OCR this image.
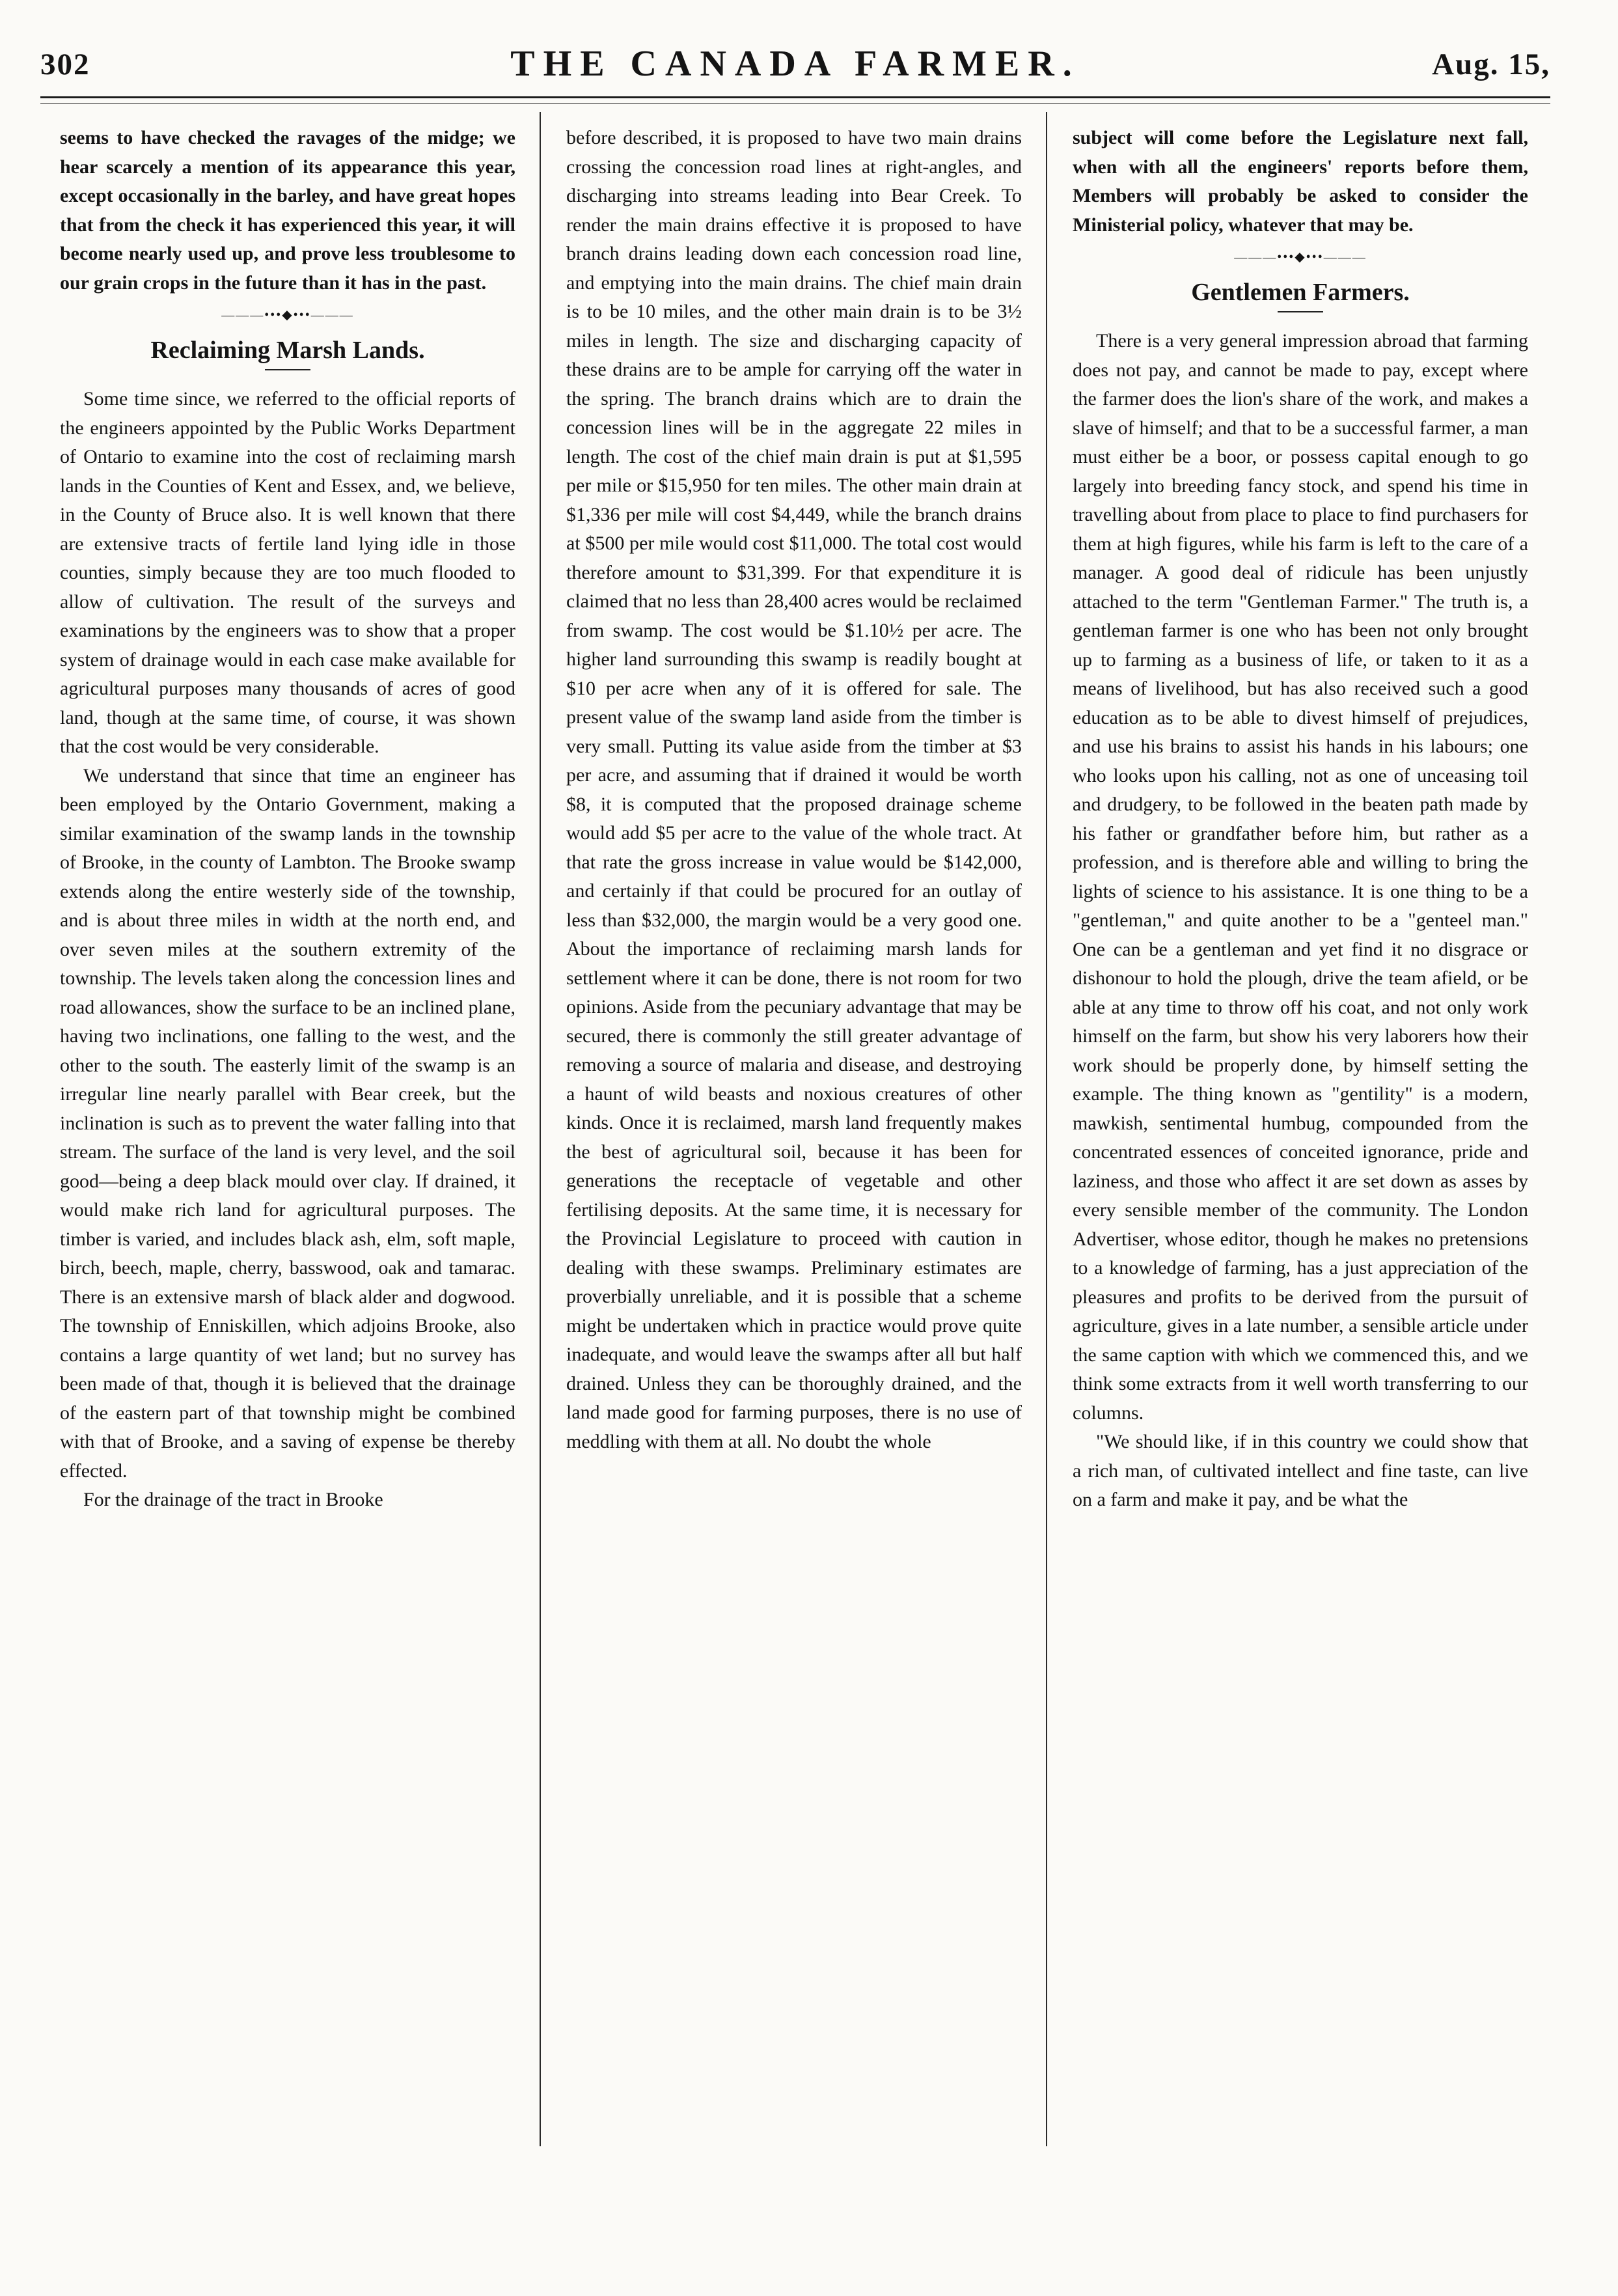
302	THE CANADA FARMER.	Aug. 15,

seems to have checked the ravages of the midge; we hear scarcely a mention of its appearance this year, except occasionally in the barley, and have great hopes that from the check it has experienced this year, it will become nearly used up, and prove less troublesome to our grain crops in the future than it has in the past.

———•••◆•••———
Reclaiming Marsh Lands.

Some time since, we referred to the official reports of the engineers appointed by the Public Works Department of Ontario to examine into the cost of reclaiming marsh lands in the Counties of Kent and Essex, and, we believe, in the County of Bruce also. It is well known that there are extensive tracts of fertile land lying idle in those counties, simply because they are too much flooded to allow of cultivation. The result of the surveys and examinations by the engineers was to show that a proper system of drainage would in each case make available for agricultural purposes many thousands of acres of good land, though at the same time, of course, it was shown that the cost would be very considerable.

We understand that since that time an engineer has been employed by the Ontario Government, making a similar examination of the swamp lands in the township of Brooke, in the county of Lambton. The Brooke swamp extends along the entire westerly side of the township, and is about three miles in width at the north end, and over seven miles at the southern extremity of the township. The levels taken along the concession lines and road allowances, show the surface to be an inclined plane, having two inclinations, one falling to the west, and the other to the south. The easterly limit of the swamp is an irregular line nearly parallel with Bear creek, but the inclination is such as to prevent the water falling into that stream. The surface of the land is very level, and the soil good—being a deep black mould over clay. If drained, it would make rich land for agricultural purposes. The timber is varied, and includes black ash, elm, soft maple, birch, beech, maple, cherry, basswood, oak and tamarac. There is an extensive marsh of black alder and dogwood. The township of Enniskillen, which adjoins Brooke, also contains a large quantity of wet land; but no survey has been made of that, though it is believed that the drainage of the eastern part of that township might be combined with that of Brooke, and a saving of expense be thereby effected.

For the drainage of the tract in Brooke

before described, it is proposed to have two main drains crossing the concession road lines at right-angles, and discharging into streams leading into Bear Creek. To render the main drains effective it is proposed to have branch drains leading down each concession road line, and emptying into the main drains. The chief main drain is to be 10 miles, and the other main drain is to be 3½ miles in length. The size and discharging capacity of these drains are to be ample for carrying off the water in the spring. The branch drains which are to drain the concession lines will be in the aggregate 22 miles in length. The cost of the chief main drain is put at $1,595 per mile or $15,950 for ten miles. The other main drain at $1,336 per mile will cost $4,449, while the branch drains at $500 per mile would cost $11,000. The total cost would therefore amount to $31,399. For that expenditure it is claimed that no less than 28,400 acres would be reclaimed from swamp. The cost would be $1.10½ per acre. The higher land surrounding this swamp is readily bought at $10 per acre when any of it is offered for sale. The present value of the swamp land aside from the timber is very small. Putting its value aside from the timber at $3 per acre, and assuming that if drained it would be worth $8, it is computed that the proposed drainage scheme would add $5 per acre to the value of the whole tract. At that rate the gross increase in value would be $142,000, and certainly if that could be procured for an outlay of less than $32,000, the margin would be a very good one. About the importance of reclaiming marsh lands for settlement where it can be done, there is not room for two opinions. Aside from the pecuniary advantage that may be secured, there is commonly the still greater advantage of removing a source of malaria and disease, and destroying a haunt of wild beasts and noxious creatures of other kinds. Once it is reclaimed, marsh land frequently makes the best of agricultural soil, because it has been for generations the receptacle of vegetable and other fertilising deposits. At the same time, it is necessary for the Provincial Legislature to proceed with caution in dealing with these swamps. Preliminary estimates are proverbially unreliable, and it is possible that a scheme might be undertaken which in practice would prove quite inadequate, and would leave the swamps after all but half drained. Unless they can be thoroughly drained, and the land made good for farming purposes, there is no use of meddling with them at all. No doubt the whole

subject will come before the Legislature next fall, when with all the engineers' reports before them, Members will probably be asked to consider the Ministerial policy, whatever that may be.

———•••◆•••———
Gentlemen Farmers.

There is a very general impression abroad that farming does not pay, and cannot be made to pay, except where the farmer does the lion's share of the work, and makes a slave of himself; and that to be a successful farmer, a man must either be a boor, or possess capital enough to go largely into breeding fancy stock, and spend his time in travelling about from place to place to find purchasers for them at high figures, while his farm is left to the care of a manager. A good deal of ridicule has been unjustly attached to the term "Gentleman Farmer." The truth is, a gentleman farmer is one who has been not only brought up to farming as a business of life, or taken to it as a means of livelihood, but has also received such a good education as to be able to divest himself of prejudices, and use his brains to assist his hands in his labours; one who looks upon his calling, not as one of unceasing toil and drudgery, to be followed in the beaten path made by his father or grandfather before him, but rather as a profession, and is therefore able and willing to bring the lights of science to his assistance. It is one thing to be a "gentleman," and quite another to be a "genteel man." One can be a gentleman and yet find it no disgrace or dishonour to hold the plough, drive the team afield, or be able at any time to throw off his coat, and not only work himself on the farm, but show his very laborers how their work should be properly done, by himself setting the example. The thing known as "gentility" is a modern, mawkish, sentimental humbug, compounded from the concentrated essences of conceited ignorance, pride and laziness, and those who affect it are set down as asses by every sensible member of the community. The London Advertiser, whose editor, though he makes no pretensions to a knowledge of farming, has a just appreciation of the pleasures and profits to be derived from the pursuit of agriculture, gives in a late number, a sensible article under the same caption with which we commenced this, and we think some extracts from it well worth transferring to our columns.

"We should like, if in this country we could show that a rich man, of cultivated intellect and fine taste, can live on a farm and make it pay, and be what the
